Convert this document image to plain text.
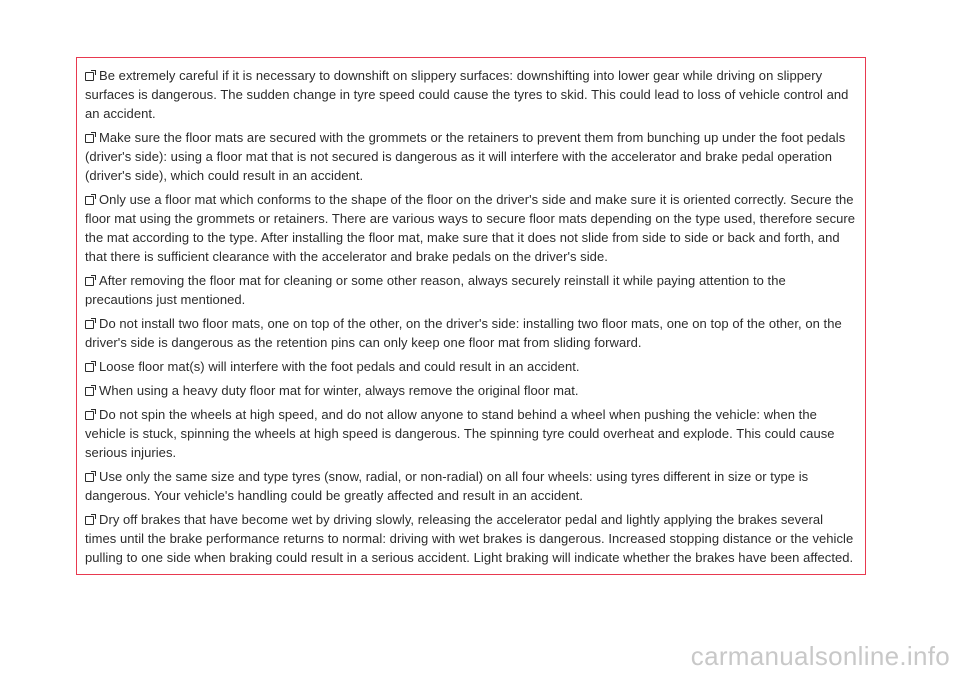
Be extremely careful if it is necessary to downshift on slippery surfaces: downshifting into lower gear while driving on slippery surfaces is dangerous. The sudden change in tyre speed could cause the tyres to skid. This could lead to loss of vehicle control and an accident.

Make sure the floor mats are secured with the grommets or the retainers to prevent them from bunching up under the foot pedals (driver's side): using a floor mat that is not secured is dangerous as it will interfere with the accelerator and brake pedal operation (driver's side), which could result in an accident.

Only use a floor mat which conforms to the shape of the floor on the driver's side and make sure it is oriented correctly. Secure the floor mat using the grommets or retainers. There are various ways to secure floor mats depending on the type used, therefore secure the mat according to the type. After installing the floor mat, make sure that it does not slide from side to side or back and forth, and that there is sufficient clearance with the accelerator and brake pedals on the driver's side.

After removing the floor mat for cleaning or some other reason, always securely reinstall it while paying attention to the precautions just mentioned.

Do not install two floor mats, one on top of the other, on the driver's side: installing two floor mats, one on top of the other, on the driver's side is dangerous as the retention pins can only keep one floor mat from sliding forward.

Loose floor mat(s) will interfere with the foot pedals and could result in an accident.

When using a heavy duty floor mat for winter, always remove the original floor mat.

Do not spin the wheels at high speed, and do not allow anyone to stand behind a wheel when pushing the vehicle: when the vehicle is stuck, spinning the wheels at high speed is dangerous. The spinning tyre could overheat and explode. This could cause serious injuries.

Use only the same size and type tyres (snow, radial, or non-radial) on all four wheels: using tyres different in size or type is dangerous. Your vehicle's handling could be greatly affected and result in an accident.

Dry off brakes that have become wet by driving slowly, releasing the accelerator pedal and lightly applying the brakes several times until the brake performance returns to normal: driving with wet brakes is dangerous. Increased stopping distance or the vehicle pulling to one side when braking could result in a serious accident. Light braking will indicate whether the brakes have been affected.

carmanualsonline.info
